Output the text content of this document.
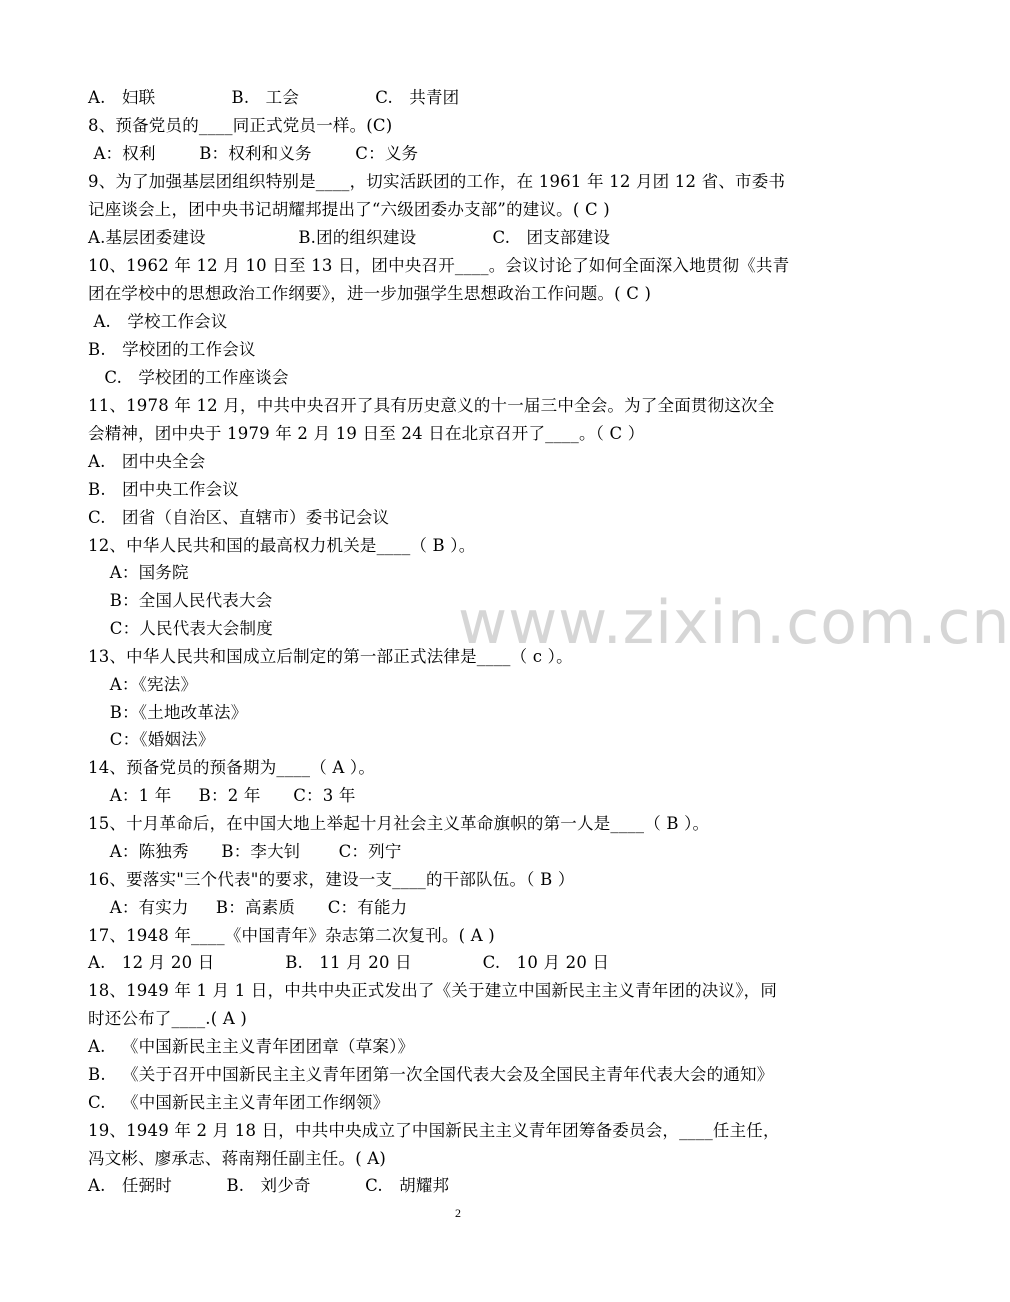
www.zixin.com.cn
A.   妇联              B.   工会              C.   共青团
8、预备党员的____同正式党员一样。(C)
A：权利        B：权利和义务        C：义务
9、为了加强基层团组织特别是____，切实活跃团的工作，在 1961 年 12 月团 12 省、市委书
记座谈会上，团中央书记胡耀邦提出了“六级团委办支部”的建议。( C )
A.基层团委建设                 B.团的组织建设              C.   团支部建设
10、1962 年 12 月 10 日至 13 日，团中央召开____。会议讨论了如何全面深入地贯彻《共青
团在学校中的思想政治工作纲要》，进一步加强学生思想政治工作问题。( C )
A.   学校工作会议
B.   学校团的工作会议
C.   学校团的工作座谈会
11、1978 年 12 月，中共中央召开了具有历史意义的十一届三中全会。为了全面贯彻这次全
会精神，团中央于 1979 年 2 月 19 日至 24 日在北京召开了____。（ C ）
A.   团中央全会
B.   团中央工作会议
C.   团省（自治区、直辖市）委书记会议
12、中华人民共和国的最高权力机关是____（ B ）。
A：国务院
B：全国人民代表大会
C：人民代表大会制度
13、中华人民共和国成立后制定的第一部正式法律是____（ c ）。
A：《宪法》
B：《土地改革法》
C：《婚姻法》
14、预备党员的预备期为____（ A ）。
A：1 年     B：2 年      C：3 年
15、十月革命后，在中国大地上举起十月社会主义革命旗帜的第一人是____（ B ）。
A：陈独秀      B：李大钊       C：列宁
16、要落实"三个代表"的要求，建设一支____的干部队伍。（ B ）
A：有实力     B：高素质      C：有能力
17、1948 年____《中国青年》杂志第二次复刊。( A )
A.   12 月 20 日             B.   11 月 20 日             C.   10 月 20 日
18、1949 年 1 月 1 日，中共中央正式发出了《关于建立中国新民主主义青年团的决议》，同
时还公布了____.( A )
A.   《中国新民主主义青年团团章（草案）》
B.   《关于召开中国新民主主义青年团第一次全国代表大会及全国民主青年代表大会的通知》
C.   《中国新民主主义青年团工作纲领》
19、1949 年 2 月 18 日，中共中央成立了中国新民主主义青年团筹备委员会，____任主任，
冯文彬、廖承志、蒋南翔任副主任。( A)
A.   任弼时          B.   刘少奇          C.   胡耀邦
2
